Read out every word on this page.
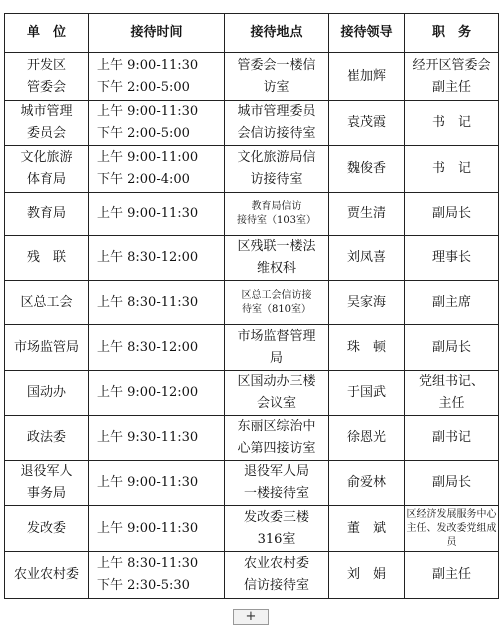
单　位	接待时间	接待地点	接待领导	职　务

开发区
管委会	上午 9:00-11:30
下午 2:00-5:00	管委会一楼信
访室	崔加辉	经开区管委会
副主任

城市管理
委员会	上午 9:00-11:30
下午 2:00-5:00	城市管理委员
会信访接待室	袁茂霞	书　记

文化旅游
体育局	上午 9:00-11:00
下午 2:00-4:00	文化旅游局信
访接待室	魏俊香	书　记

教育局	上午 9:00-11:30	教育局信访
接待室（103室）	贾生清	副局长

残　联	上午 8:30-12:00	区残联一楼法
维权科	刘凤喜	理事长

区总工会	上午 8:30-11:30	区总工会信访接
待室（810室）	吴家海	副主席

市场监管局	上午 8:30-12:00	市场监督管理
局	珠　顿	副局长

国动办	上午 9:00-12:00	区国动办三楼
会议室	于国武	党组书记、
主任

政法委	上午 9:30-11:30	东丽区综治中
心第四接访室	徐恩光	副书记

退役军人
事务局	上午 9:00-11:30	退役军人局
一楼接待室	俞爱林	副局长

发改委	上午 9:00-11:30	发改委三楼
316室	董　斌	区经济发展服务中心
主任、发改委党组成员

农业农村委	上午 8:30-11:30
下午 2:30-5:30	农业农村委
信访接待室	刘　娟	副主任
+
